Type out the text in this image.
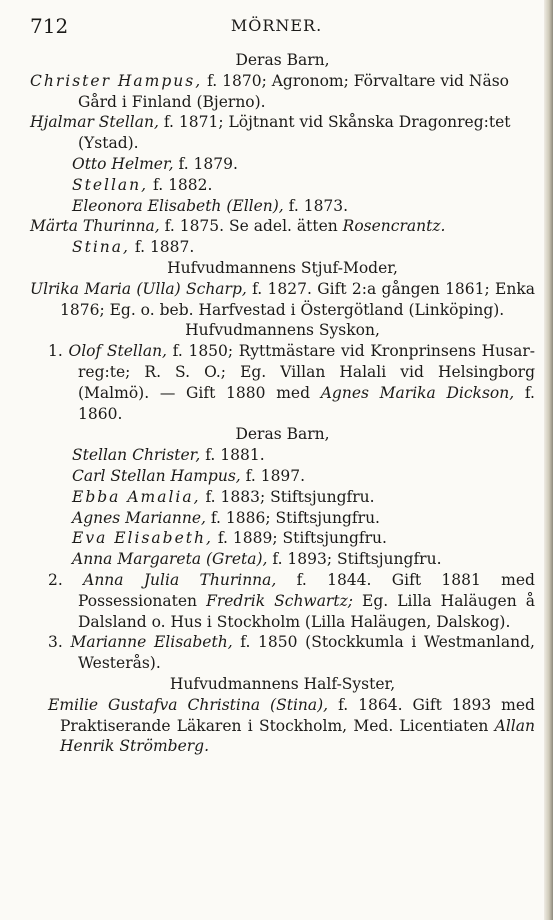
712	MÖRNER.

Deras Barn,

Christer Hampus, f. 1870; Agronom; Förvaltare vid Näso Gård i Finland (Bjerno).

Hjalmar Stellan, f. 1871; Löjtnant vid Skånska Dragonreg:tet (Ystad).

Otto Helmer, f. 1879.

Stellan, f. 1882.

Eleonora Elisabeth (Ellen), f. 1873.

Märta Thurinna, f. 1875. Se adel. ätten Rosencrantz.

Stina, f. 1887.

Hufvudmannens Stjuf-Moder,

Ulrika Maria (Ulla) Scharp, f. 1827. Gift 2:a gången 1861; Enka 1876; Eg. o. beb. Harfvestad i Östergötland (Linköping).

Hufvudmannens Syskon,

1. Olof Stellan, f. 1850; Ryttmästare vid Kronprinsens Husar-reg:te; R. S. O.; Eg. Villan Halali vid Helsingborg (Malmö). — Gift 1880 med Agnes Marika Dickson, f. 1860.

Deras Barn,

Stellan Christer, f. 1881.

Carl Stellan Hampus, f. 1897.

Ebba Amalia, f. 1883; Stiftsjungfru.

Agnes Marianne, f. 1886; Stiftsjungfru.

Eva Elisabeth, f. 1889; Stiftsjungfru.

Anna Margareta (Greta), f. 1893; Stiftsjungfru.

2. Anna Julia Thurinna, f. 1844. Gift 1881 med Possessionaten Fredrik Schwartz; Eg. Lilla Haläugen å Dalsland o. Hus i Stockholm (Lilla Haläugen, Dalskog).

3. Marianne Elisabeth, f. 1850 (Stockkumla i Westmanland, Westerås).

Hufvudmannens Half-Syster,

Emilie Gustafva Christina (Stina), f. 1864. Gift 1893 med Praktiserande Läkaren i Stockholm, Med. Licentiaten Allan Henrik Strömberg.
